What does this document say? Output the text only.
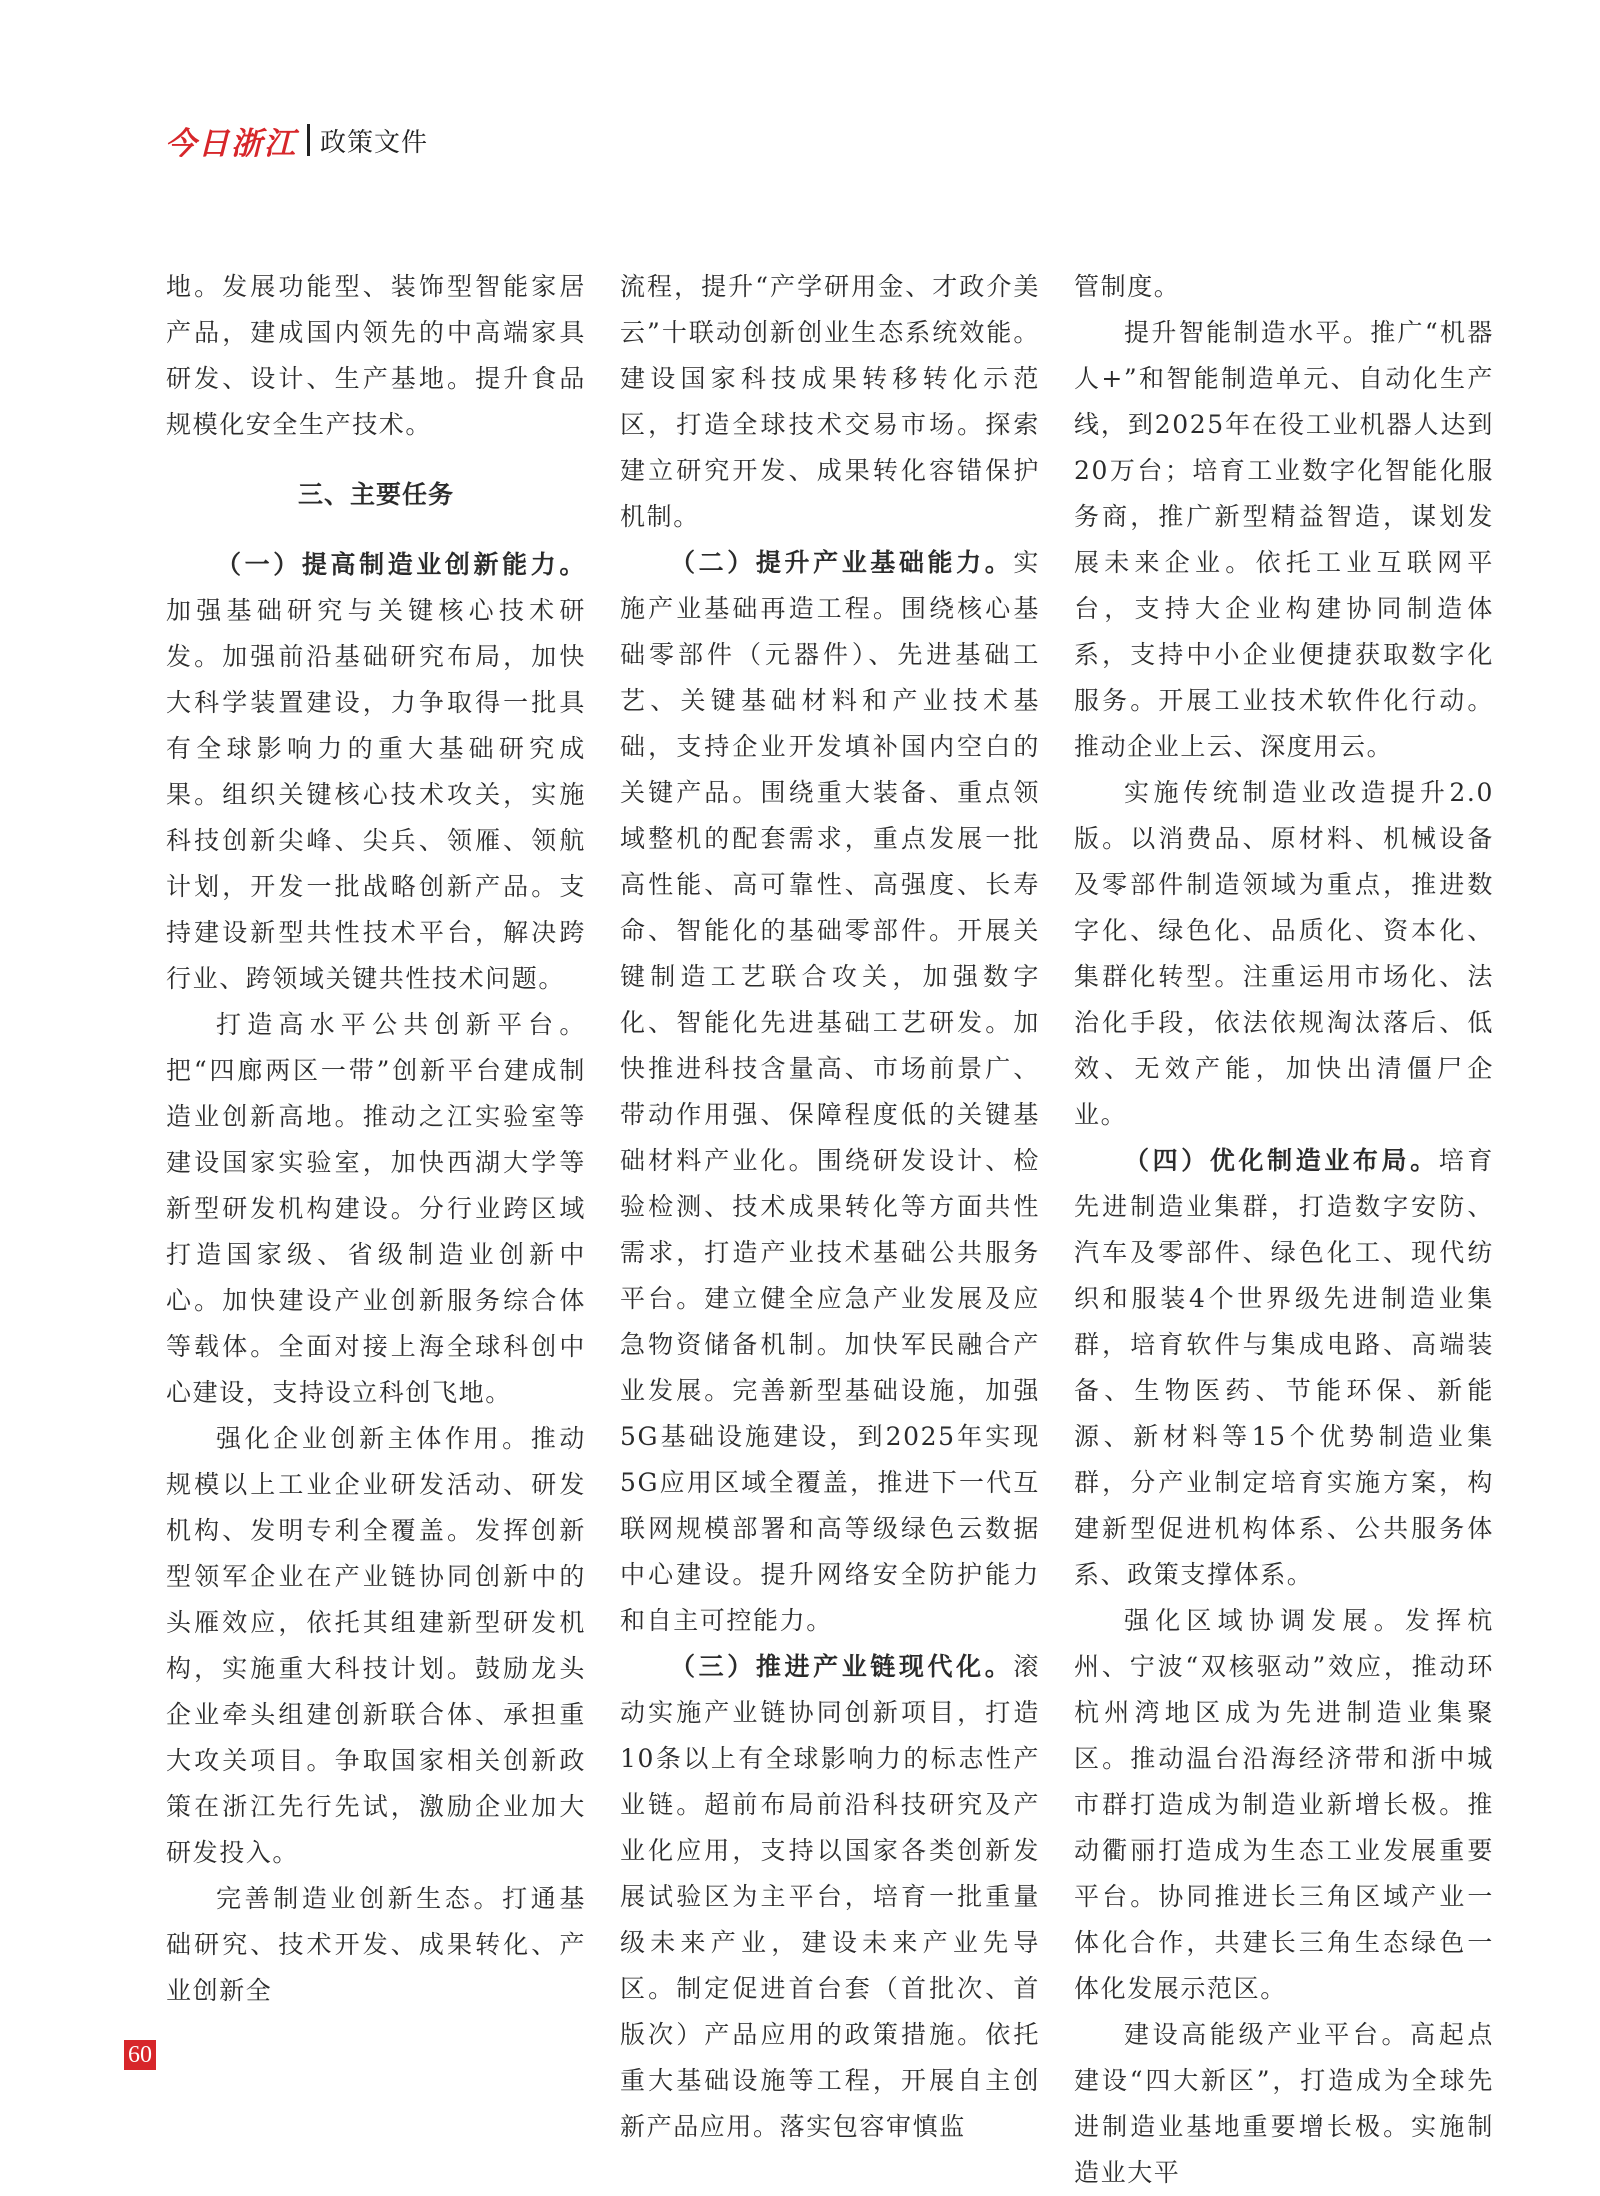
今日浙江 政策文件

地。发展功能型、装饰型智能家居产品，建成国内领先的中高端家具研发、设计、生产基地。提升食品规模化安全生产技术。

三、主要任务

（一）提高制造业创新能力。加强基础研究与关键核心技术研发。加强前沿基础研究布局，加快大科学装置建设，力争取得一批具有全球影响力的重大基础研究成果。组织关键核心技术攻关，实施科技创新尖峰、尖兵、领雁、领航计划，开发一批战略创新产品。支持建设新型共性技术平台，解决跨行业、跨领域关键共性技术问题。

打造高水平公共创新平台。把“四廊两区一带”创新平台建成制造业创新高地。推动之江实验室等建设国家实验室，加快西湖大学等新型研发机构建设。分行业跨区域打造国家级、省级制造业创新中心。加快建设产业创新服务综合体等载体。全面对接上海全球科创中心建设，支持设立科创飞地。

强化企业创新主体作用。推动规模以上工业企业研发活动、研发机构、发明专利全覆盖。发挥创新型领军企业在产业链协同创新中的头雁效应，依托其组建新型研发机构，实施重大科技计划。鼓励龙头企业牵头组建创新联合体、承担重大攻关项目。争取国家相关创新政策在浙江先行先试，激励企业加大研发投入。

完善制造业创新生态。打通基础研究、技术开发、成果转化、产业创新全

流程，提升“产学研用金、才政介美云”十联动创新创业生态系统效能。建设国家科技成果转移转化示范区，打造全球技术交易市场。探索建立研究开发、成果转化容错保护机制。

（二）提升产业基础能力。实施产业基础再造工程。围绕核心基础零部件（元器件）、先进基础工艺、关键基础材料和产业技术基础，支持企业开发填补国内空白的关键产品。围绕重大装备、重点领域整机的配套需求，重点发展一批高性能、高可靠性、高强度、长寿命、智能化的基础零部件。开展关键制造工艺联合攻关，加强数字化、智能化先进基础工艺研发。加快推进科技含量高、市场前景广、带动作用强、保障程度低的关键基础材料产业化。围绕研发设计、检验检测、技术成果转化等方面共性需求，打造产业技术基础公共服务平台。建立健全应急产业发展及应急物资储备机制。加快军民融合产业发展。完善新型基础设施，加强5G基础设施建设，到2025年实现5G应用区域全覆盖，推进下一代互联网规模部署和高等级绿色云数据中心建设。提升网络安全防护能力和自主可控能力。

（三）推进产业链现代化。滚动实施产业链协同创新项目，打造10条以上有全球影响力的标志性产业链。超前布局前沿科技研究及产业化应用，支持以国家各类创新发展试验区为主平台，培育一批重量级未来产业，建设未来产业先导区。制定促进首台套（首批次、首版次）产品应用的政策措施。依托重大基础设施等工程，开展自主创新产品应用。落实包容审慎监

管制度。

提升智能制造水平。推广“机器人+”和智能制造单元、自动化生产线，到2025年在役工业机器人达到20万台；培育工业数字化智能化服务商，推广新型精益智造，谋划发展未来企业。依托工业互联网平台，支持大企业构建协同制造体系，支持中小企业便捷获取数字化服务。开展工业技术软件化行动。推动企业上云、深度用云。

实施传统制造业改造提升2.0版。以消费品、原材料、机械设备及零部件制造领域为重点，推进数字化、绿色化、品质化、资本化、集群化转型。注重运用市场化、法治化手段，依法依规淘汰落后、低效、无效产能，加快出清僵尸企业。

（四）优化制造业布局。培育先进制造业集群，打造数字安防、汽车及零部件、绿色化工、现代纺织和服装4个世界级先进制造业集群，培育软件与集成电路、高端装备、生物医药、节能环保、新能源、新材料等15个优势制造业集群，分产业制定培育实施方案，构建新型促进机构体系、公共服务体系、政策支撑体系。

强化区域协调发展。发挥杭州、宁波“双核驱动”效应，推动环杭州湾地区成为先进制造业集聚区。推动温台沿海经济带和浙中城市群打造成为制造业新增长极。推动衢丽打造成为生态工业发展重要平台。协同推进长三角区域产业一体化合作，共建长三角生态绿色一体化发展示范区。

建设高能级产业平台。高起点建设“四大新区”，打造成为全球先进制造业基地重要增长极。实施制造业大平

60
